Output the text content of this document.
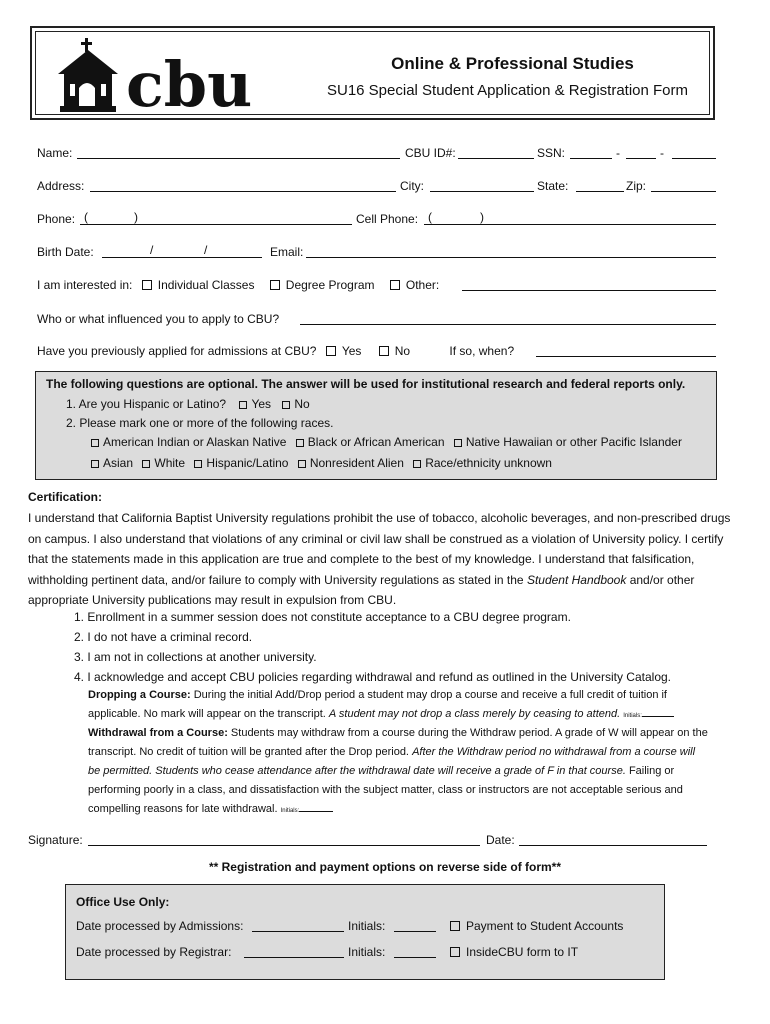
cbu	Online & Professional Studies
SU16 Special Student Application & Registration Form
Name:	CBU ID#:	SSN:	-	-
Address:	City:	State:	Zip:
Phone: (	)	Cell Phone: (	)
Birth Date:	/	/	Email:
I am interested in: Individual Classes	Degree Program	Other:
Who or what influenced you to apply to CBU?
Have you previously applied for admissions at CBU? Yes	No	If so, when?
The following questions are optional. The answer will be used for institutional research and federal reports only.
1. Are you Hispanic or Latino? Yes No
2. Please mark one or more of the following races.
American Indian or Alaskan Native Black or African American Native Hawaiian or other Pacific Islander
Asian White Hispanic/Latino Nonresident Alien Race/ethnicity unknown
Certification:
I understand that California Baptist University regulations prohibit the use of tobacco, alcoholic beverages, and non-prescribed drugs on campus. I also understand that violations of any criminal or civil law shall be construed as a violation of University policy. I certify that the statements made in this application are true and complete to the best of my knowledge. I understand that falsification, withholding pertinent data, and/or failure to comply with University regulations as stated in the Student Handbook and/or other appropriate University publications may result in expulsion from CBU.
1. Enrollment in a summer session does not constitute acceptance to a CBU degree program.
2. I do not have a criminal record.
3. I am not in collections at another university.
4. I acknowledge and accept CBU policies regarding withdrawal and refund as outlined in the University Catalog.
Dropping a Course: During the initial Add/Drop period a student may drop a course and receive a full credit of tuition if
applicable. No mark will appear on the transcript. A student may not drop a class merely by ceasing to attend. Initials:
Withdrawal from a Course: Students may withdraw from a course during the Withdraw period. A grade of W will appear on the
transcript. No credit of tuition will be granted after the Drop period. After the Withdraw period no withdrawal from a course will
be permitted. Students who cease attendance after the withdrawal date will receive a grade of F in that course. Failing or
performing poorly in a class, and dissatisfaction with the subject matter, class or instructors are not acceptable serious and
compelling reasons for late withdrawal. Initials:
Signature:	Date:
** Registration and payment options on reverse side of form**
Office Use Only:
Date processed by Admissions:	Initials:	Payment to Student Accounts
Date processed by Registrar:	Initials:	InsideCBU form to IT
